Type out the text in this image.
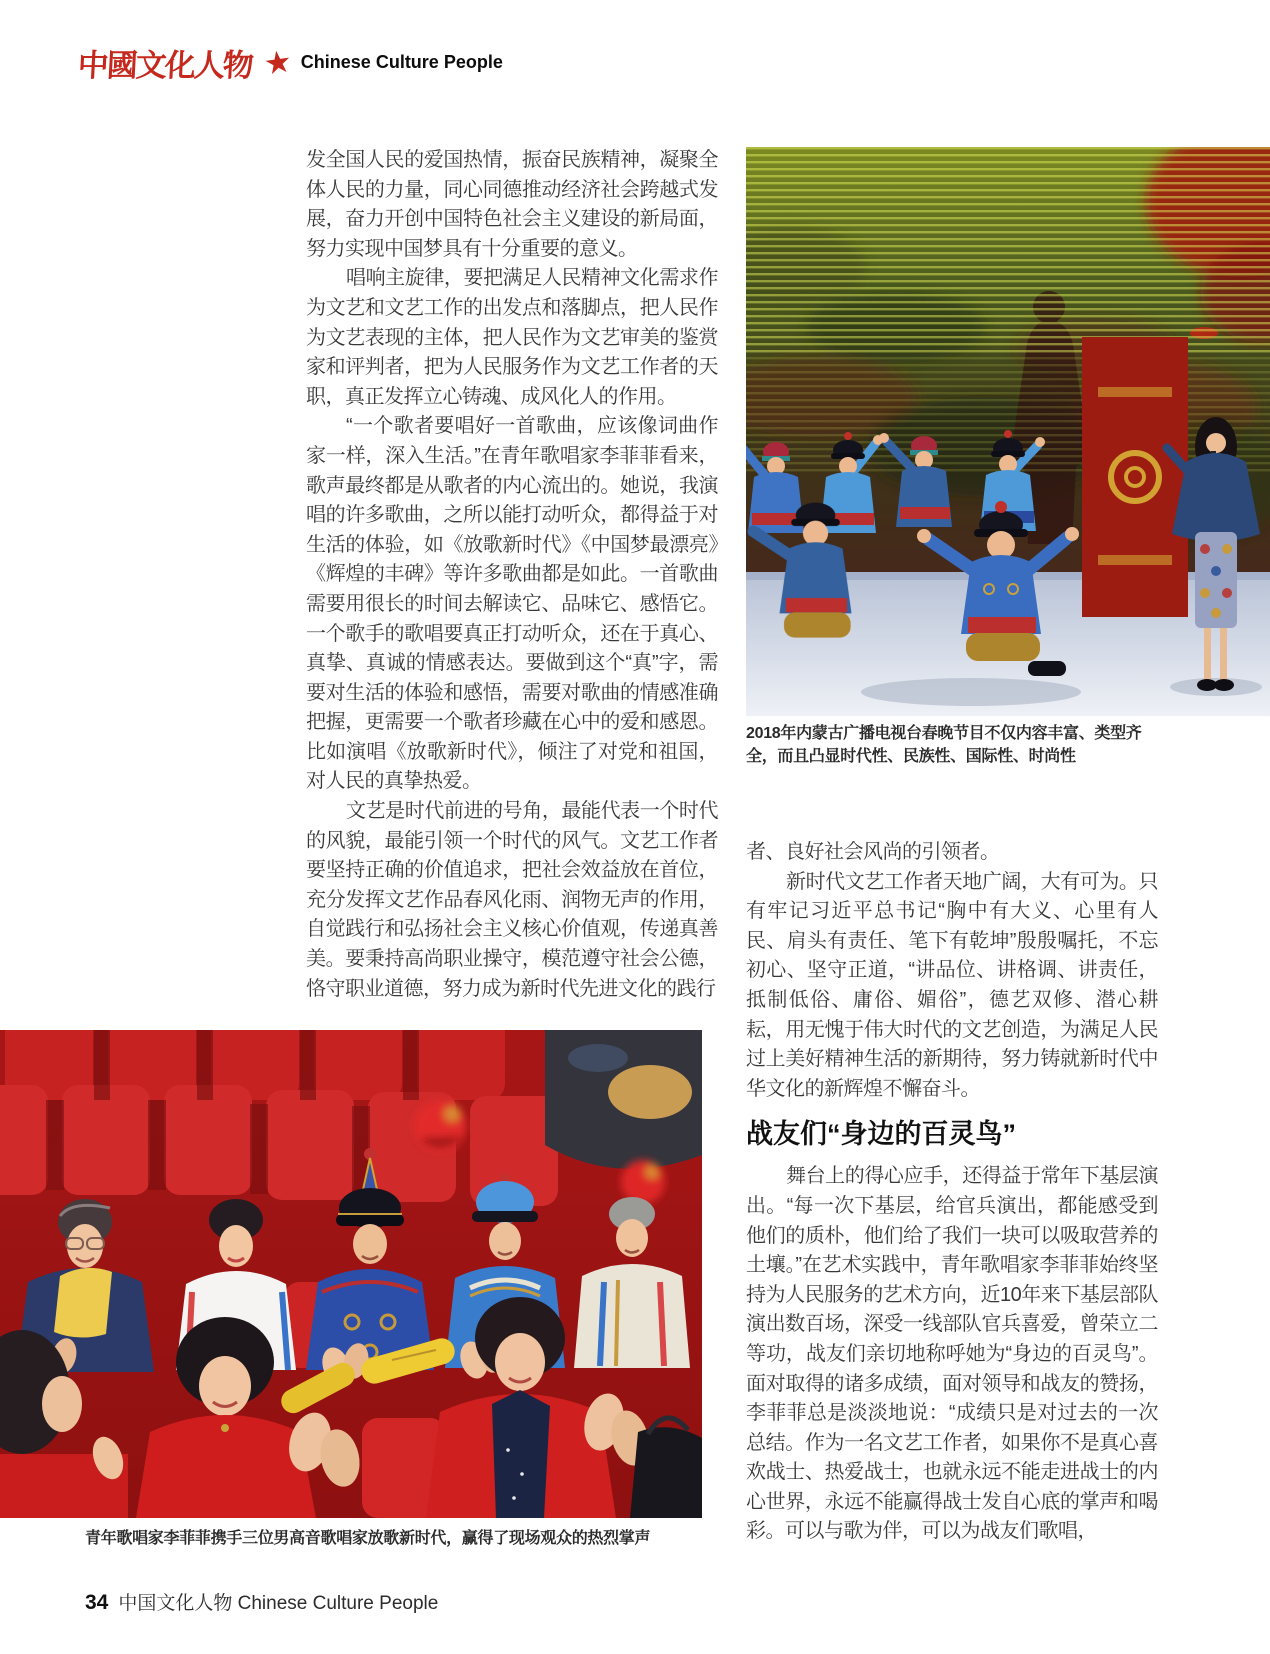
中國文化人物 ★ Chinese Culture People

发全国人民的爱国热情，振奋民族精神，凝聚全体人民的力量，同心同德推动经济社会跨越式发展，奋力开创中国特色社会主义建设的新局面，努力实现中国梦具有十分重要的意义。

唱响主旋律，要把满足人民精神文化需求作为文艺和文艺工作的出发点和落脚点，把人民作为文艺表现的主体，把人民作为文艺审美的鉴赏家和评判者，把为人民服务作为文艺工作者的天职，真正发挥立心铸魂、成风化人的作用。

“一个歌者要唱好一首歌曲，应该像词曲作家一样，深入生活。”在青年歌唱家李菲菲看来，歌声最终都是从歌者的内心流出的。她说，我演唱的许多歌曲，之所以能打动听众，都得益于对生活的体验，如《放歌新时代》《中国梦最漂亮》《辉煌的丰碑》等许多歌曲都是如此。一首歌曲需要用很长的时间去解读它、品味它、感悟它。一个歌手的歌唱要真正打动听众，还在于真心、真挚、真诚的情感表达。要做到这个“真”字，需要对生活的体验和感悟，需要对歌曲的情感准确把握，更需要一个歌者珍藏在心中的爱和感恩。比如演唱《放歌新时代》，倾注了对党和祖国，对人民的真挚热爱。

文艺是时代前进的号角，最能代表一个时代的风貌，最能引领一个时代的风气。文艺工作者要坚持正确的价值追求，把社会效益放在首位，充分发挥文艺作品春风化雨、润物无声的作用，自觉践行和弘扬社会主义核心价值观，传递真善美。要秉持高尚职业操守，模范遵守社会公德，恪守职业道德，努力成为新时代先进文化的践行

2018年内蒙古广播电视台春晚节目不仅内容丰富、类型齐全，而且凸显时代性、民族性、国际性、时尚性

者、良好社会风尚的引领者。

新时代文艺工作者天地广阔，大有可为。只有牢记习近平总书记“胸中有大义、心里有人民、肩头有责任、笔下有乾坤”殷殷嘱托，不忘初心、坚守正道，“讲品位、讲格调、讲责任，抵制低俗、庸俗、媚俗”，德艺双修、潜心耕耘，用无愧于伟大时代的文艺创造，为满足人民过上美好精神生活的新期待，努力铸就新时代中华文化的新辉煌不懈奋斗。

战友们“身边的百灵鸟”

舞台上的得心应手，还得益于常年下基层演出。“每一次下基层，给官兵演出，都能感受到他们的质朴，他们给了我们一块可以吸取营养的土壤。”在艺术实践中，青年歌唱家李菲菲始终坚持为人民服务的艺术方向，近10年来下基层部队演出数百场，深受一线部队官兵喜爱，曾荣立二等功，战友们亲切地称呼她为“身边的百灵鸟”。面对取得的诸多成绩，面对领导和战友的赞扬，李菲菲总是淡淡地说：“成绩只是对过去的一次总结。作为一名文艺工作者，如果你不是真心喜欢战士、热爱战士，也就永远不能走进战士的内心世界，永远不能赢得战士发自心底的掌声和喝彩。可以与歌为伴，可以为战友们歌唱，

青年歌唱家李菲菲携手三位男高音歌唱家放歌新时代，赢得了现场观众的热烈掌声
34 中国文化人物 Chinese Culture People
